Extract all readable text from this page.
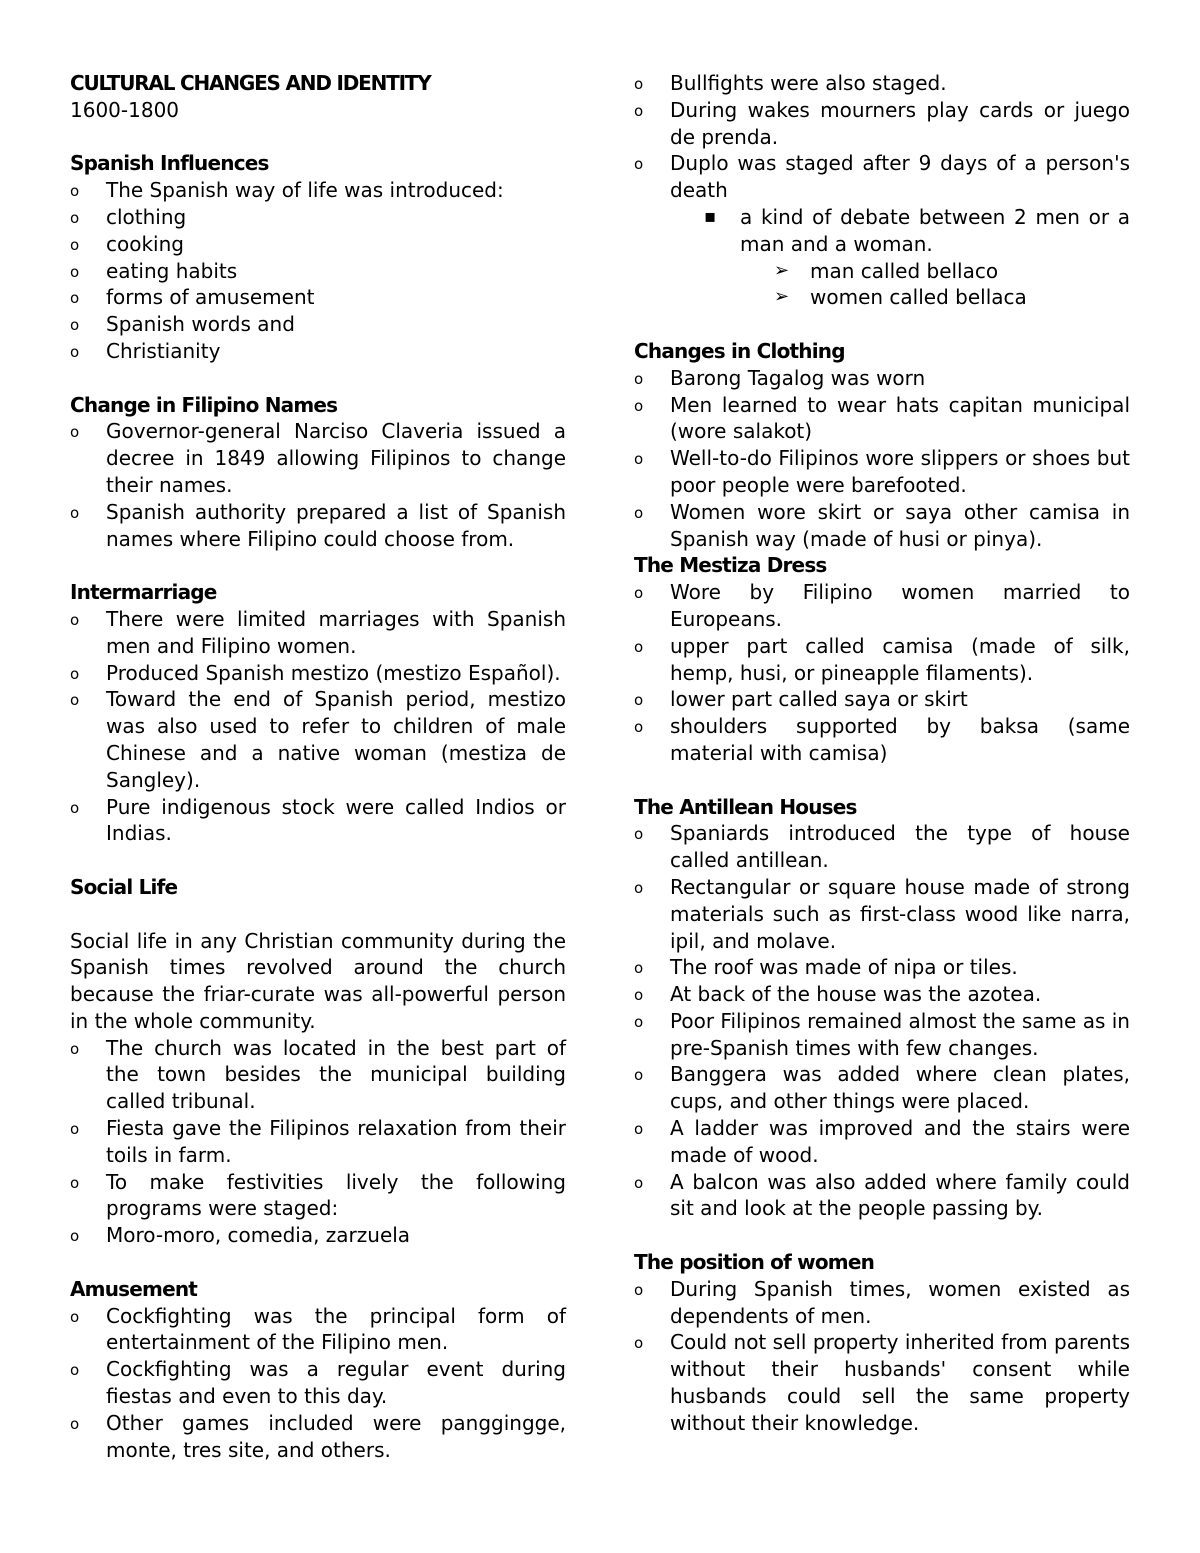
CULTURAL CHANGES AND IDENTITY
1600-1800
Spanish Influences
o The Spanish way of life was introduced:
o clothing
o cooking
o eating habits
o forms of amusement
o Spanish words and
o Christianity
Change in Filipino Names
o Governor-general Narciso Claveria issued a decree in 1849 allowing Filipinos to change their names.
o Spanish authority prepared a list of Spanish names where Filipino could choose from.
Intermarriage
o There were limited marriages with Spanish men and Filipino women.
o Produced Spanish mestizo (mestizo Español).
o Toward the end of Spanish period, mestizo was also used to refer to children of male Chinese and a native woman (mestiza de Sangley).
o Pure indigenous stock were called Indios or Indias.
Social Life

Social life in any Christian community during the Spanish times revolved around the church because the friar-curate was all-powerful person in the whole community.

o The church was located in the best part of the town besides the municipal building called tribunal.
o Fiesta gave the Filipinos relaxation from their toils in farm.
o To make festivities lively the following programs were staged:
o Moro-moro, comedia, zarzuela
Amusement
o Cockfighting was the principal form of entertainment of the Filipino men.
o Cockfighting was a regular event during fiestas and even to this day.
o Other games included were panggingge, monte, tres site, and others.
o Bullfights were also staged.
o During wakes mourners play cards or juego de prenda.
o Duplo was staged after 9 days of a person's death
▪ a kind of debate between 2 men or a man and a woman.
➢ man called bellaco
➢ women called bellaca
Changes in Clothing
o Barong Tagalog was worn
o Men learned to wear hats capitan municipal (wore salakot)
o Well-to-do Filipinos wore slippers or shoes but poor people were barefooted.
o Women wore skirt or saya other camisa in Spanish way (made of husi or pinya).
The Mestiza Dress
o Wore by Filipino women married to Europeans.
o upper part called camisa (made of silk, hemp, husi, or pineapple filaments).
o lower part called saya or skirt
o shoulders supported by baksa (same material with camisa)
The Antillean Houses
o Spaniards introduced the type of house called antillean.
o Rectangular or square house made of strong materials such as first-class wood like narra, ipil, and molave.
o The roof was made of nipa or tiles.
o At back of the house was the azotea.
o Poor Filipinos remained almost the same as in pre-Spanish times with few changes.
o Banggera was added where clean plates, cups, and other things were placed.
o A ladder was improved and the stairs were made of wood.
o A balcon was also added where family could sit and look at the people passing by.
The position of women
o During Spanish times, women existed as dependents of men.
o Could not sell property inherited from parents without their husbands' consent while husbands could sell the same property without their knowledge.
